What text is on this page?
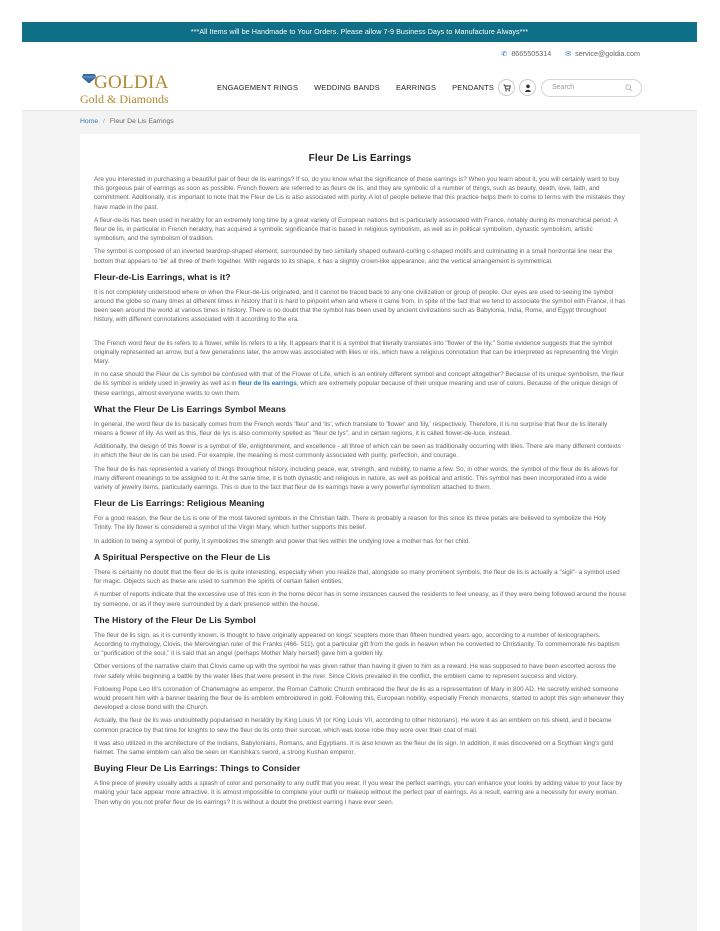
***All Items will be Handmade to Your Orders. Please allow 7-9 Business Days to Manufacture Always***
✆ 8665505314 ✉ service@goldia.com
GOLDIA
Gold & Diamonds
ENGAGEMENT RINGS WEDDING BANDS EARRINGS PENDANTS	Search
Home / Fleur De Lis Earrings
Fleur De Lis Earrings

Are you interested in purchasing a beautiful pair of fleur de lis earrings? If so, do you know what the significance of these earrings is? When you learn about it, you will certainly want to buy this gorgeous pair of earrings as soon as possible. French flowers are referred to as fleurs de lis, and they are symbolic of a number of things, such as beauty, death, love, faith, and commitment. Additionally, it is important to note that the Fleur de Lis is also associated with purity. A lot of people believe that this practice helps them to come to terms with the mistakes they have made in the past.

A fleur-de-lis has been used in heraldry for an extremely long time by a great variety of European nations but is particularly associated with France, notably during its monarchical period. A fleur de lis, in particular in French heraldry, has acquired a symbolic significance that is based in religious symbolism, as well as in political symbolism, dynastic symbolism, artistic symbolism, and the symbolism of tradition.

The symbol is composed of an inverted teardrop-shaped element, surrounded by two similarly shaped outward-curling c-shaped motifs and culminating in a small horizontal line near the bottom that appears to 'tie' all three of them together. With regards to its shape, it has a slightly crown-like appearance, and the vertical arrangement is symmetrical.

Fleur-de-Lis Earrings, what is it?

It is not completely understood where or when the Fleur-de-Lis originated, and it cannot be traced back to any one civilization or group of people. Our eyes are used to seeing the symbol around the globe so many times at different times in history that it is hard to pinpoint when and where it came from. In spite of the fact that we tend to associate the symbol with France, it has been seen around the world at various times in history. There is no doubt that the symbol has been used by ancient civilizations such as Babylonia, India, Rome, and Egypt throughout history, with different connotations associated with it according to the era.

The French word fleur de lis refers to a flower, while lis refers to a lily. It appears that it is a symbol that literally translates into "flower of the lily." Some evidence suggests that the symbol originally represented an arrow, but a few generations later, the arrow was associated with lilies or iris, which have a religious connotation that can be interpreted as representing the Virgin Mary.

In no case should the Fleur de Lis symbol be confused with that of the Flower of Life, which is an entirely different symbol and concept altogether? Because of its unique symbolism, the fleur de lis symbol is widely used in jewelry as well as in fleur de lis earrings, which are extremely popular because of their unique meaning and use of colors. Because of the unique design of these earrings, almost everyone wants to own them.

What the Fleur De Lis Earrings Symbol Means

In general, the word fleur de lis basically comes from the French words 'fleur' and 'lis', which translate to 'flower' and 'lily,' respectively. Therefore, it is no surprise that fleur de lis literally means a flower of lily. As well as this, fleur de lys is also commonly spelled as "fleur de lys", and in certain regions, it is called flower-de-luce, instead.

Additionally, the design of this flower is a symbol of life, enlightenment, and excellence - all three of which can be seen as traditionally occurring with lilies. There are many different contexts in which the fleur de lis can be used. For example, the meaning is most commonly associated with purity, perfection, and courage.

The fleur de lis has represented a variety of things throughout history, including peace, war, strength, and nobility, to name a few. So, in other words, the symbol of the fleur de lis allows for many different meanings to be assigned to it. At the same time, it is both dynastic and religious in nature, as well as political and artistic. This symbol has been incorporated into a wide variety of jewelry items, particularly earrings. This is due to the fact that fleur de lis earrings have a very powerful symbolism attached to them.

Fleur de Lis Earrings: Religious Meaning

For a good reason, the fleur de Lis is one of the most favored symbols in the Christian faith. There is probably a reason for this since its three petals are believed to symbolize the Holy Trinity. The lily flower is considered a symbol of the Virgin Mary, which further supports this belief.

In addition to being a symbol of purity, it symbolizes the strength and power that lies within the undying love a mother has for her child.

A Spiritual Perspective on the Fleur de Lis

There is certainly no doubt that the fleur de lis is quite interesting, especially when you realize that, alongside so many prominent symbols, the fleur de lis is actually a "sigil"- a symbol used for magic. Objects such as these are used to summon the spirits of certain fallen entities.

A number of reports indicate that the excessive use of this icon in the home décor has in some instances caused the residents to feel uneasy, as if they were being followed around the house by someone, or as if they were surrounded by a dark presence within the house.

The History of the Fleur De Lis Symbol

The fleur de lis sign, as it is currently known, is thought to have originally appeared on kings' scepters more than fifteen hundred years ago, according to a number of lexicographers. According to mythology, Clovis, the Merovingian ruler of the Franks (466- 511), got a particular gift from the gods in heaven when he converted to Christianity. To commemorate his baptism or "purification of the soul," it is said that an angel (perhaps Mother Mary herself) gave him a golden lily.

Other versions of the narrative claim that Clovis came up with the symbol he was given rather than having it given to him as a reward. He was supposed to have been escorted across the river safely while beginning a battle by the water lilies that were present in the river. Since Clovis prevailed in the conflict, the emblem came to represent success and victory.

Following Pope Leo III's coronation of Charlemagne as emperor, the Roman Catholic Church embraced the fleur de lis as a representation of Mary in 800 AD. He secretly wished someone would present him with a banner bearing the fleur de lis emblem embroidered in gold. Following this, European nobility, especially French monarchs, started to adopt this sign whenever they developed a close bond with the Church.

Actually, the fleur de lis was undoubtedly popularised in heraldry by King Louis VI (or King Louis VII, according to other historians). He wore it as an emblem on his shield, and it became common practice by that time for knights to sew the fleur de lis onto their surcoat, which was loose robe they wore over their coat of mail.

It was also utilized in the architecture of the Indians, Babylonians, Romans, and Egyptians. It is also known as the fleur de lis sign. In addition, it was discovered on a Scythian king's gold helmet. The same emblem can also be seen on Kanishka's sword, a strong Kushan emperor.

Buying Fleur De Lis Earrings: Things to Consider

A fine piece of jewelry usually adds a splash of color and personality to any outfit that you wear. If you wear the perfect earrings, you can enhance your looks by adding value to your face by making your face appear more attractive. It is almost impossible to complete your outfit or makeup without the perfect pair of earrings. As a result, earring are a necessity for every woman. Then why do you not prefer fleur de lis earrings? It is without a doubt the prettiest earring I have ever seen.
